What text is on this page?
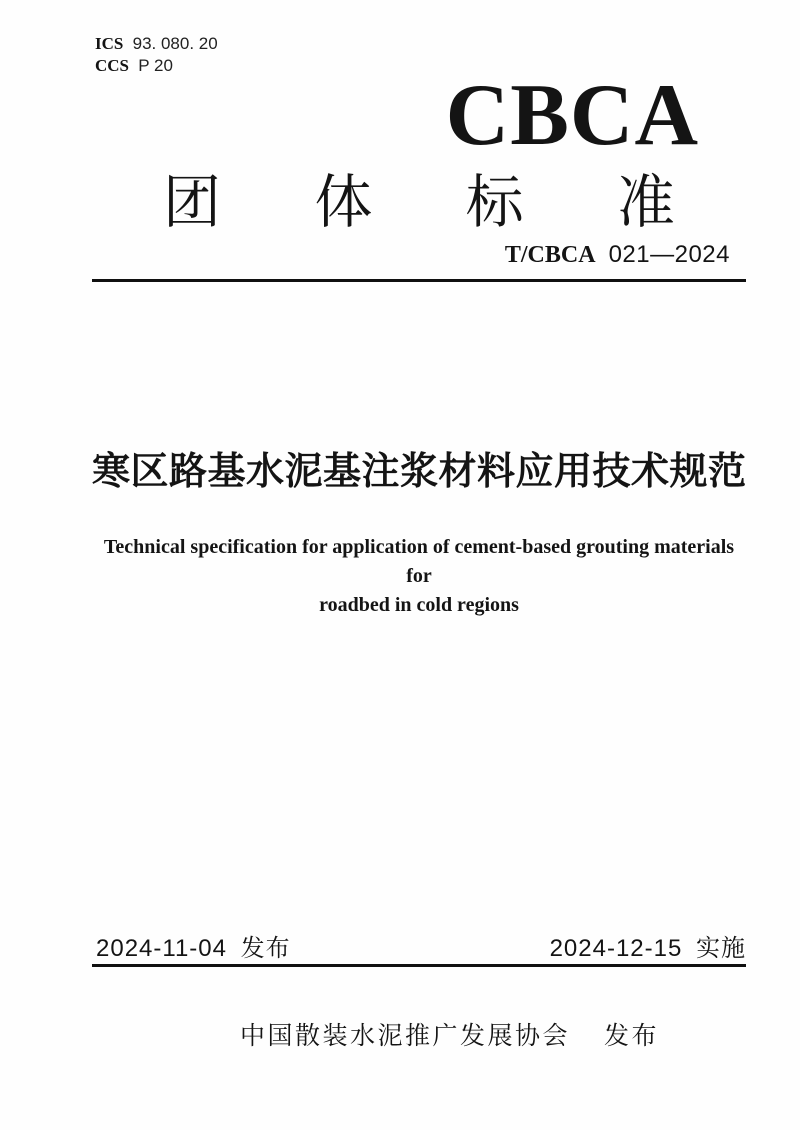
ICS 93. 080. 20
CCS P 20
CBCA
团 体 标 准
T/CBCA 021—2024
寒区路基水泥基注浆材料应用技术规范
Technical specification for application of cement-based grouting materials for
roadbed in cold regions
2024-11-04 发布	2024-12-15 实施
中国散装水泥推广发展协会 发布
